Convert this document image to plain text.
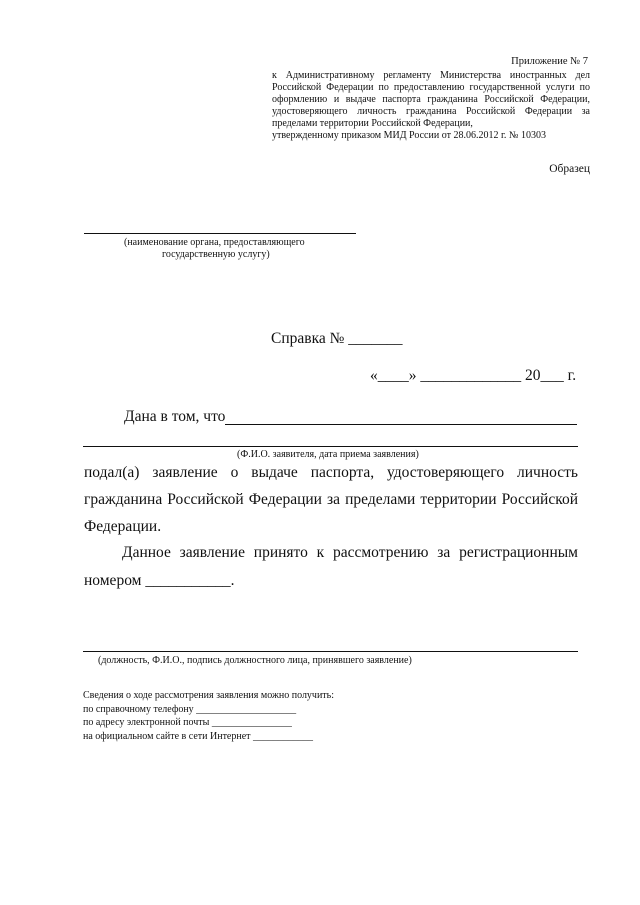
Приложение № 7
к Административному регламенту Министерства иностранных дел
Российской Федерации по предоставлению государственной услуги по
оформлению и выдаче паспорта гражданина Российской Федерации,
удостоверяющего личность гражданина Российской Федерации за
пределами территории Российской Федерации,
утвержденному приказом МИД России от 28.06.2012 г. № 10303
Образец
(наименование органа, предоставляющего
государственную услугу)
Справка № _______
«____» _____________ 20___ г.
Дана в том, что
(Ф.И.О. заявителя, дата приема заявления)
подал(а) заявление о выдаче паспорта, удостоверяющего личность
гражданина Российской Федерации за пределами территории Российской
Федерации.
Данное заявление принято к рассмотрению за регистрационным
номером ___________.
(должность, Ф.И.О., подпись должностного лица, принявшего заявление)
Сведения о ходе рассмотрения заявления можно получить:
по справочному телефону ____________________
по адресу электронной почты ________________
на официальном сайте в сети Интернет ____________
